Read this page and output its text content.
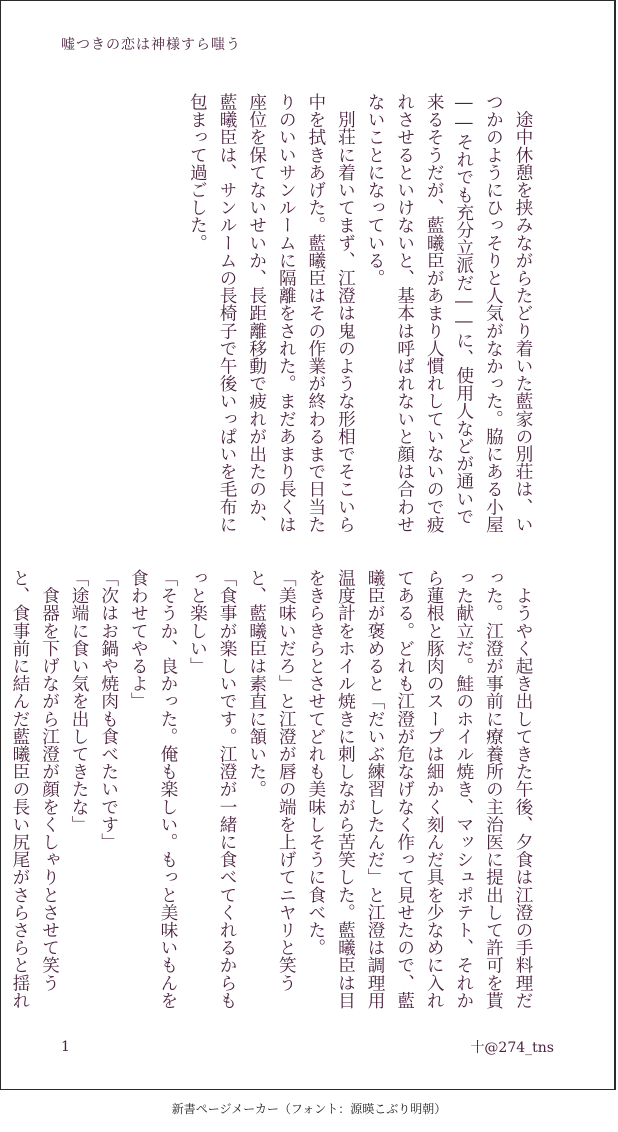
嘘つきの恋は神様すら嗤う

　途中休憩を挟みながらたどり着いた藍家の別荘は、いつかのようにひっそりと人気がなかった。脇にある小屋――それでも充分立派だ――に、使用人などが通いで来るそうだが、藍曦臣があまり人慣れしていないので疲れさせるといけないと、基本は呼ばれないと顔は合わせないことになっている。

　別荘に着いてまず、江澄は鬼のような形相でそこいら中を拭きあげた。藍曦臣はその作業が終わるまで日当たりのいいサンルームに隔離をされた。まだあまり長くは座位を保てないせいか、長距離移動で疲れが出たのか、藍曦臣は、サンルームの長椅子で午後いっぱいを毛布に包まって過ごした。

　ようやく起き出してきた午後、夕食は江澄の手料理だった。江澄が事前に療養所の主治医に提出して許可を貰った献立だ。鮭のホイル焼き、マッシュポテト、それから蓮根と豚肉のスープは細かく刻んだ具を少なめに入れてある。どれも江澄が危なげなく作って見せたので、藍曦臣が褒めると「だいぶ練習したんだ」と江澄は調理用温度計をホイル焼きに刺しながら苦笑した。藍曦臣は目をきらきらとさせてどれも美味しそうに食べた。

「美味いだろ」と江澄が唇の端を上げてニヤリと笑うと、藍曦臣は素直に頷いた。

「食事が楽しいです。江澄が一緒に食べてくれるからもっと楽しい」

「そうか、良かった。俺も楽しい。もっと美味いもんを食わせてやるよ」

「次はお鍋や焼肉も食べたいです」

「途端に食い気を出してきたな」

　食器を下げながら江澄が顔をくしゃりとさせて笑うと、食事前に結んだ藍曦臣の長い尻尾がさらさらと揺れ

1	十@274_tns
新書ページメーカー（フォント：源暎こぶり明朝）
